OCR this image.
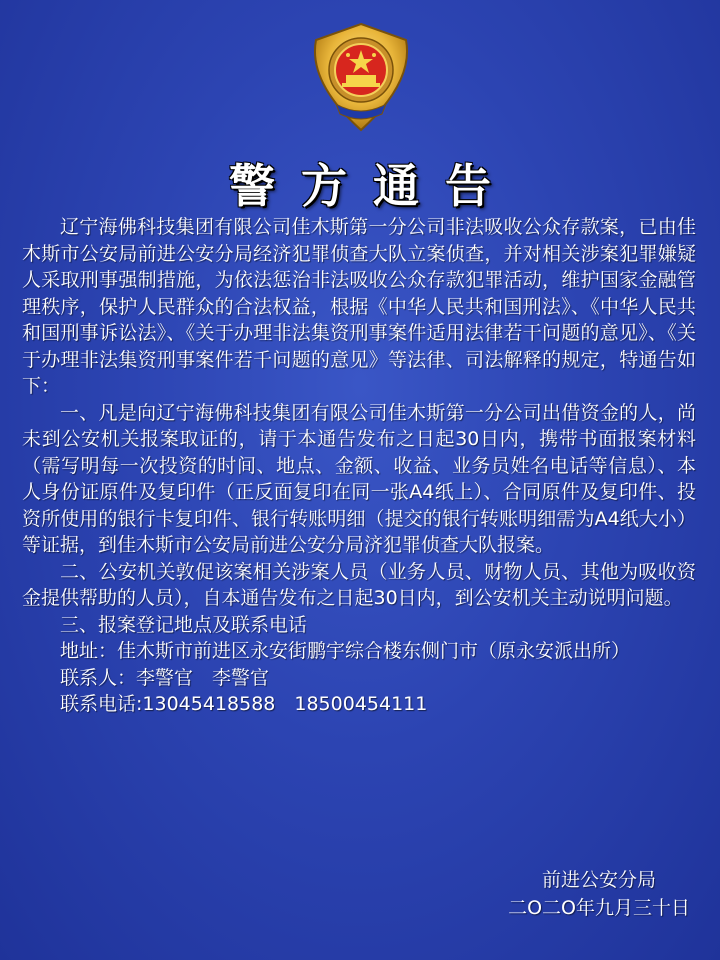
警方通告

辽宁海佛科技集团有限公司佳木斯第一分公司非法吸收公众存款案，已由佳木斯市公安局前进公安分局经济犯罪侦查大队立案侦查，并对相关涉案犯罪嫌疑人采取刑事强制措施，为依法惩治非法吸收公众存款犯罪活动，维护国家金融管理秩序，保护人民群众的合法权益，根据《中华人民共和国刑法》、《中华人民共和国刑事诉讼法》、《关于办理非法集资刑事案件适用法律若干问题的意见》、《关于办理非法集资刑事案件若千问题的意见》等法律、司法解释的规定，特通告如下：

一、凡是向辽宁海佛科技集团有限公司佳木斯第一分公司出借资金的人，尚未到公安机关报案取证的，请于本通告发布之日起30日内，携带书面报案材料（需写明每一次投资的时间、地点、金额、收益、业务员姓名电话等信息）、本人身份证原件及复印件（正反面复印在同一张A4纸上）、合同原件及复印件、投资所使用的银行卡复印件、银行转账明细（提交的银行转账明细需为A4纸大小）等证据，到佳木斯市公安局前进公安分局济犯罪侦查大队报案。

二、公安机关敦促该案相关涉案人员（业务人员、财物人员、其他为吸收资金提供帮助的人员），自本通告发布之日起30日内，到公安机关主动说明问题。

三、报案登记地点及联系电话

地址：佳木斯市前进区永安街鹏宇综合楼东侧门市（原永安派出所）

联系人：李警官　李警官

联系电话:13045418588　18500454111

前进公安分局
二O二O年九月三十日
